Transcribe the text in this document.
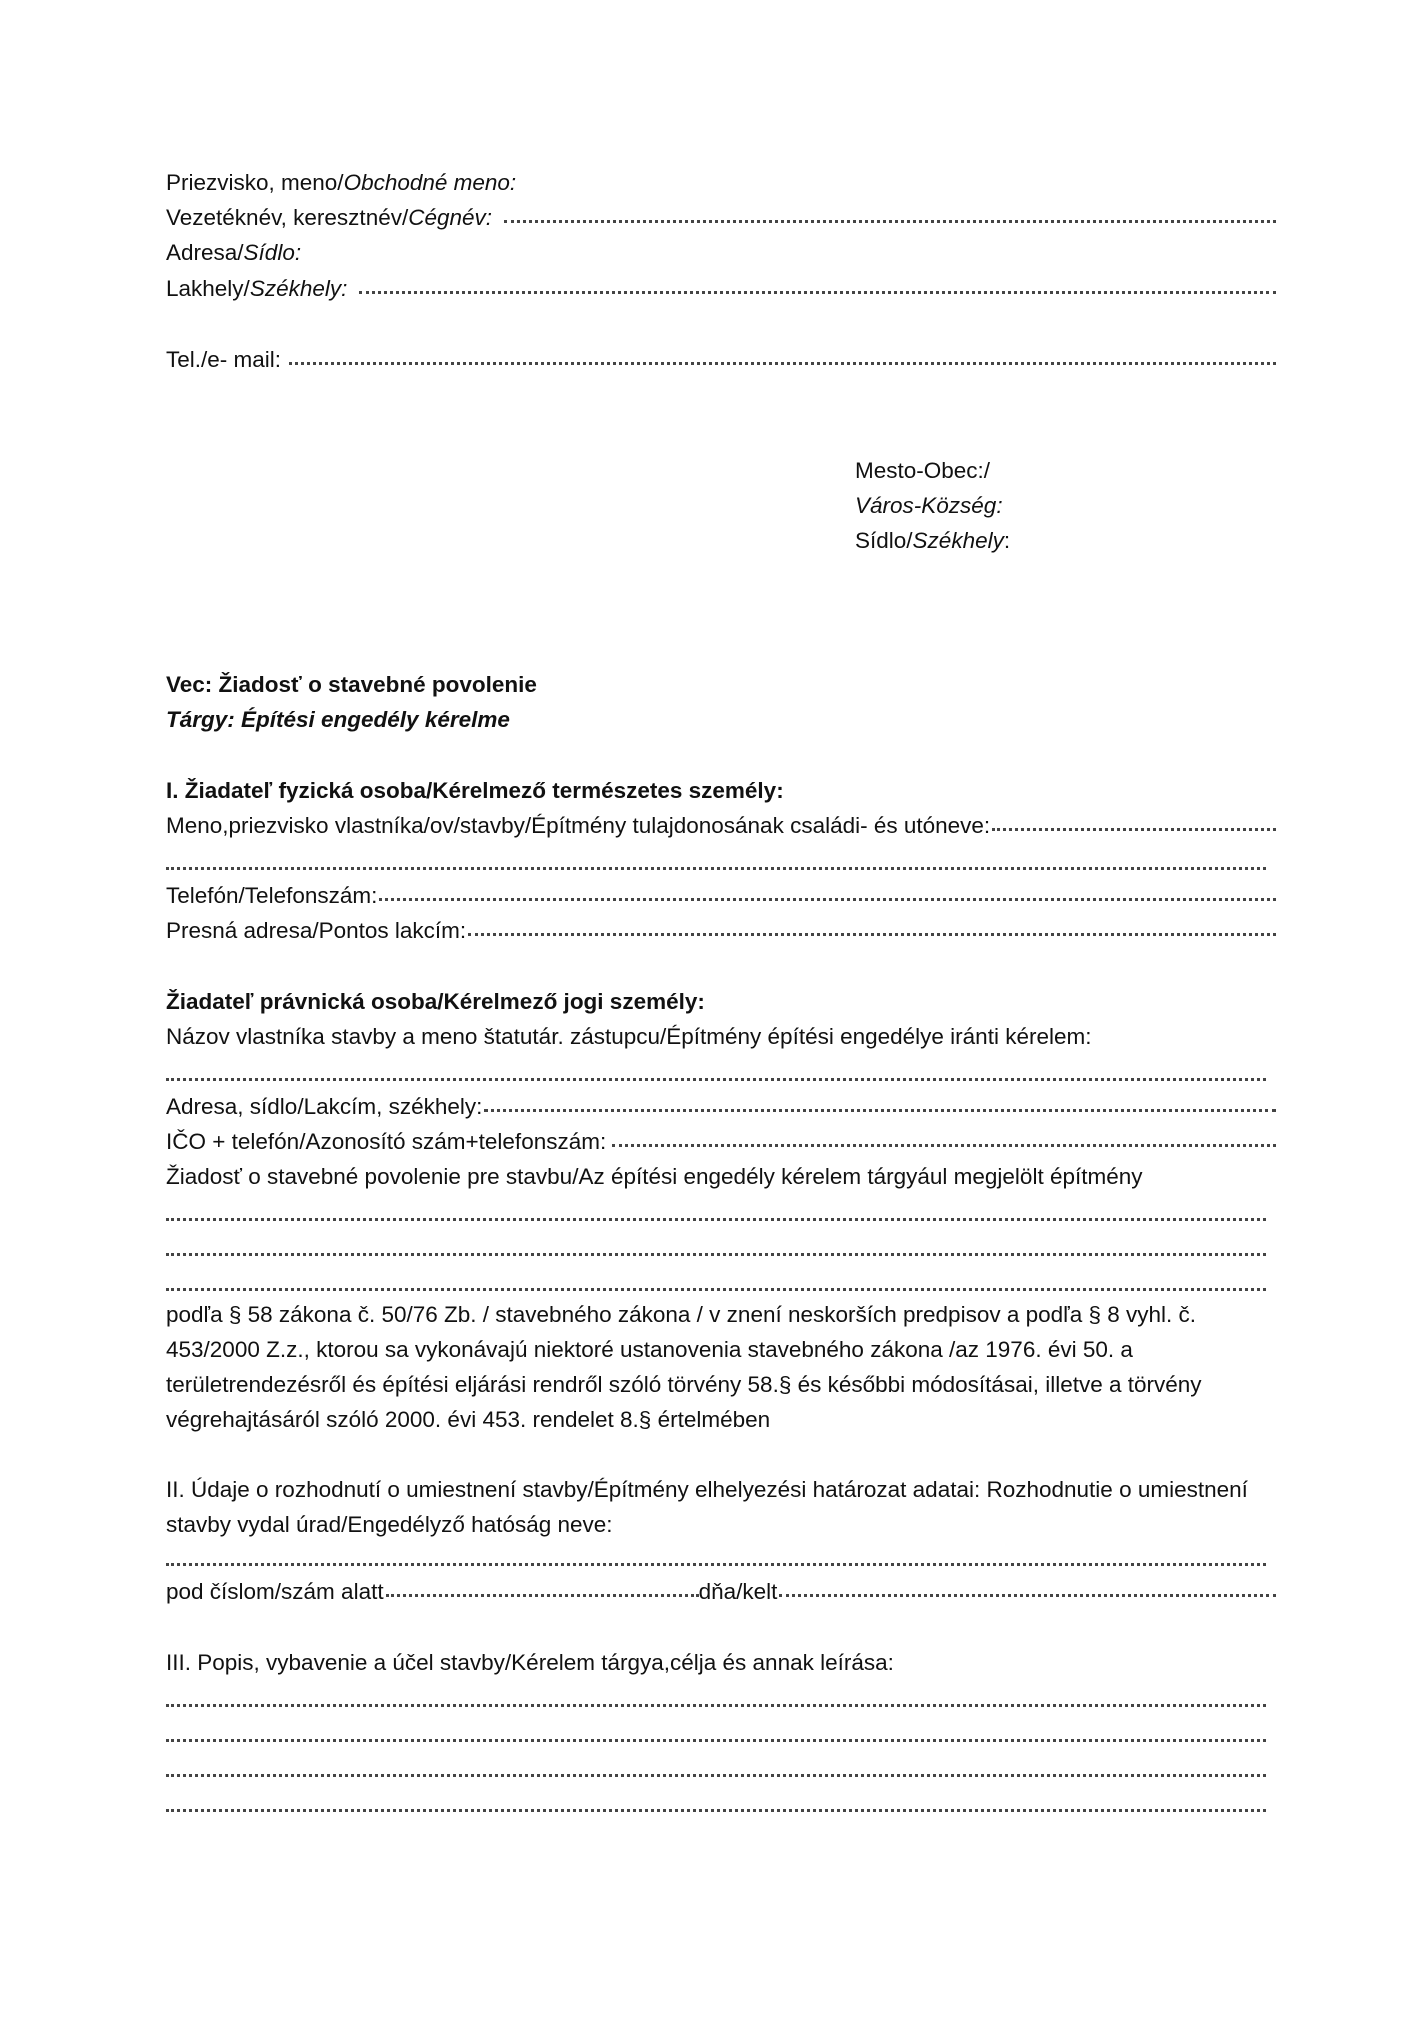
Priezvisko, meno/Obchodné meno:
Vezetéknév, keresztnév/ Cégnév:
Adresa/Sídlo:
Lakhely/ Székhely:
Tel./e- mail:
Mesto-Obec:/
Város-Község:
Sídlo/Székhely:
Vec: Žiadosť o stavebné povolenie
Tárgy: Építési engedély kérelme
I. Žiadateľ fyzická osoba/Kérelmező természetes személy:
Meno,priezvisko vlastníka/ov/stavby/Építmény tulajdonosának családi- és utóneve:
Telefón/Telefonszám:
Presná adresa/Pontos lakcím:
Žiadateľ právnická osoba/Kérelmező jogi személy:
Názov vlastníka stavby a meno štatutár. zástupcu/Építmény építési engedélye iránti kérelem:
Adresa, sídlo/Lakcím, székhely:
IČO + telefón/Azonosító szám+telefonszám:
Žiadosť o stavebné povolenie pre stavbu/Az építési engedély kérelem tárgyául megjelölt építmény
podľa § 58 zákona č. 50/76 Zb. / stavebného zákona / v znení neskorších predpisov a podľa § 8 vyhl. č. 453/2000 Z.z., ktorou sa vykonávajú niektoré ustanovenia stavebného zákona /az 1976. évi 50. a területrendezésről és építési eljárási rendről szóló törvény 58.§ és későbbi módosításai, illetve a törvény végrehajtásáról szóló 2000. évi 453. rendelet 8.§ értelmében
II. Údaje o rozhodnutí o umiestnení stavby/Építmény elhelyezési határozat adatai: Rozhodnutie o umiestnení stavby vydal úrad/Engedélyző hatóság neve:
pod číslom/szám alatt	dňa/kelt
III. Popis, vybavenie a účel stavby/Kérelem tárgya,célja és annak leírása:
